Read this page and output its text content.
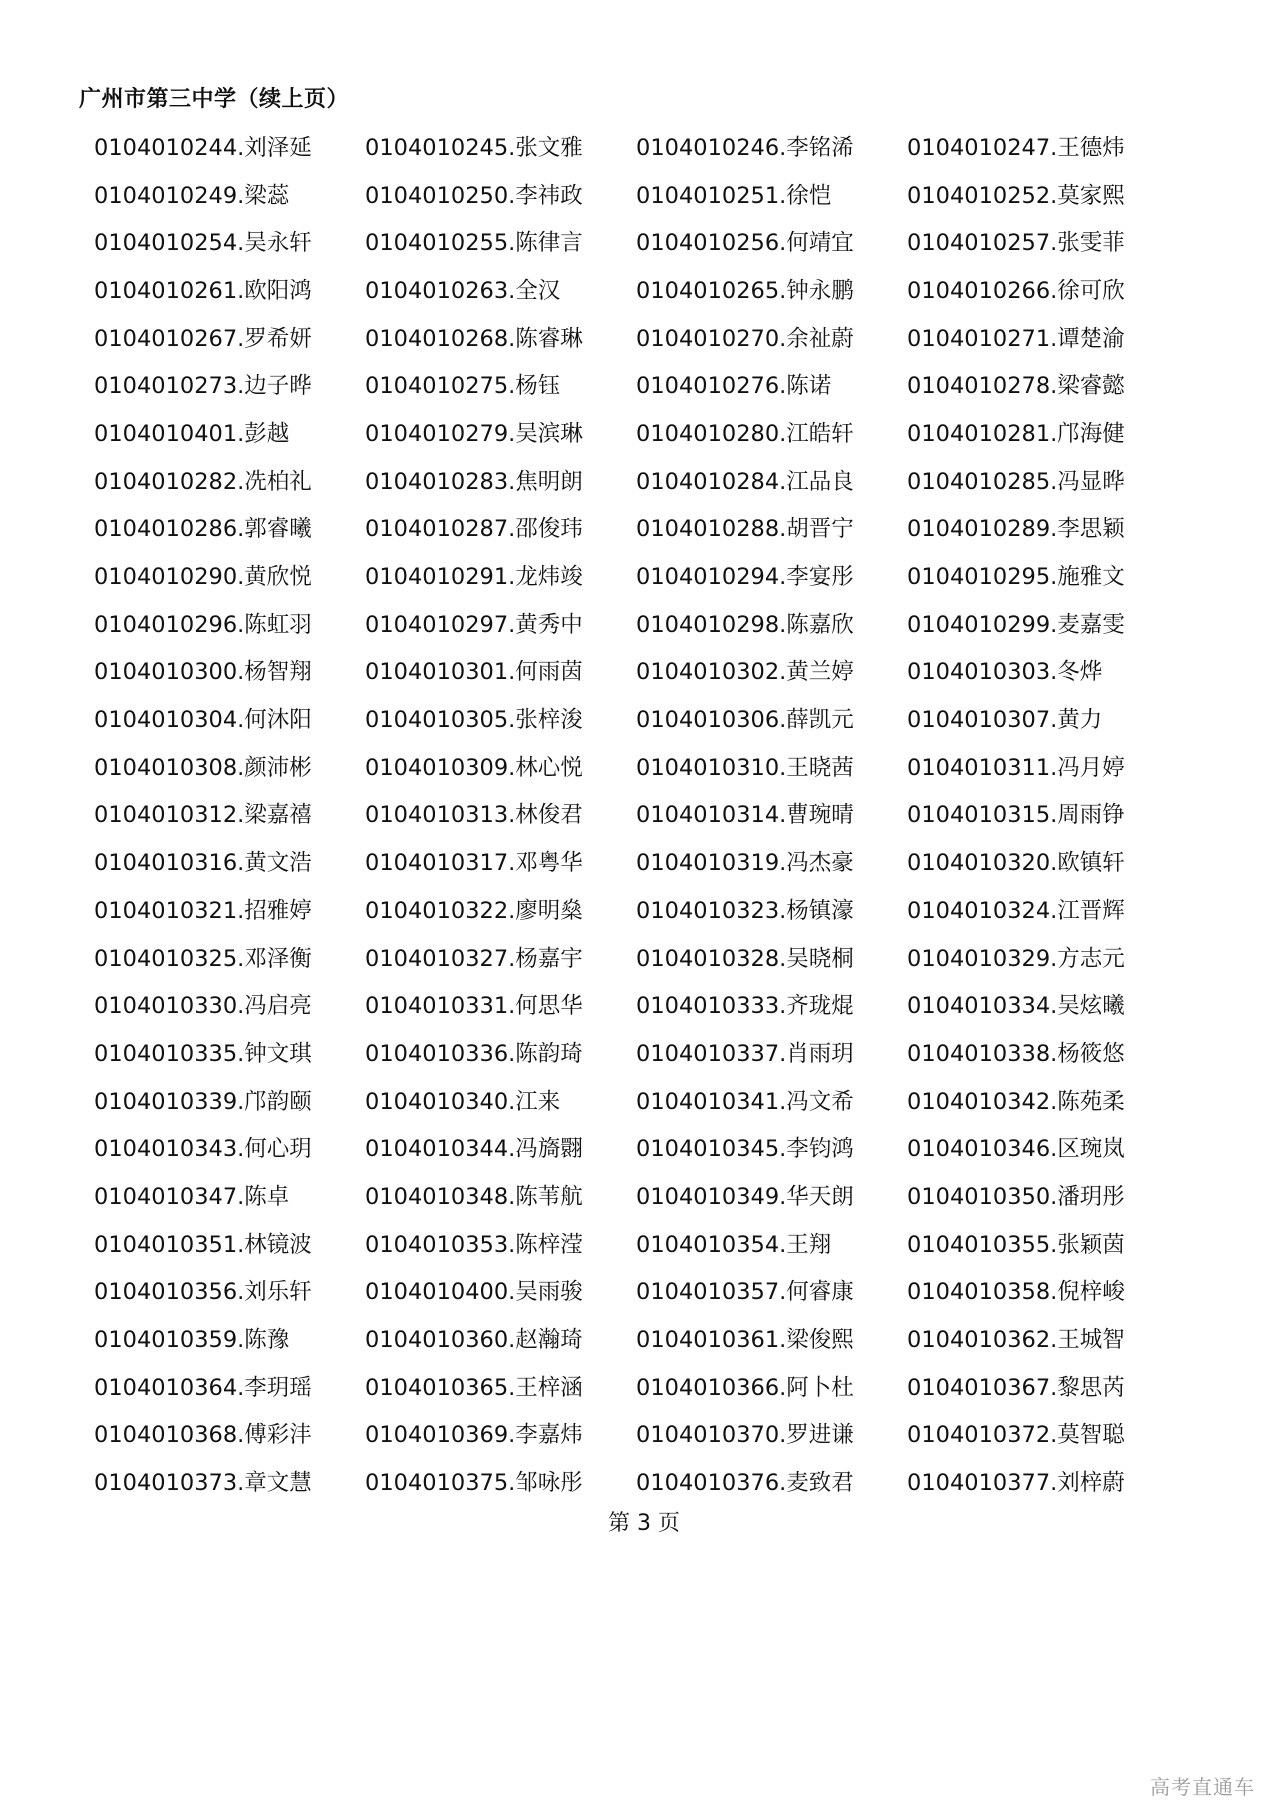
广州市第三中学（续上页）
0104010244.刘泽延	0104010245.张文雅	0104010246.李铭浠	0104010247.王德炜
0104010249.梁蕊	0104010250.李祎政	0104010251.徐恺	0104010252.莫家熙
0104010254.吴永轩	0104010255.陈律言	0104010256.何靖宜	0104010257.张雯菲
0104010261.欧阳鸿	0104010263.全汉	0104010265.钟永鹏	0104010266.徐可欣
0104010267.罗希妍	0104010268.陈睿琳	0104010270.余祉蔚	0104010271.谭楚渝
0104010273.边子晔	0104010275.杨钰	0104010276.陈诺	0104010278.梁睿懿
0104010401.彭越	0104010279.吴滨琳	0104010280.江皓轩	0104010281.邝海健
0104010282.冼柏礼	0104010283.焦明朗	0104010284.江品良	0104010285.冯显晔
0104010286.郭睿曦	0104010287.邵俊玮	0104010288.胡晋宁	0104010289.李思颖
0104010290.黄欣悦	0104010291.龙炜竣	0104010294.李宴彤	0104010295.施雅文
0104010296.陈虹羽	0104010297.黄秀中	0104010298.陈嘉欣	0104010299.麦嘉雯
0104010300.杨智翔	0104010301.何雨茵	0104010302.黄兰婷	0104010303.冬烨
0104010304.何沐阳	0104010305.张梓浚	0104010306.薛凯元	0104010307.黄力
0104010308.颜沛彬	0104010309.林心悦	0104010310.王晓茜	0104010311.冯月婷
0104010312.梁嘉禧	0104010313.林俊君	0104010314.曹琬晴	0104010315.周雨铮
0104010316.黄文浩	0104010317.邓粤华	0104010319.冯杰豪	0104010320.欧镇轩
0104010321.招雅婷	0104010322.廖明燊	0104010323.杨镇濠	0104010324.江晋辉
0104010325.邓泽衡	0104010327.杨嘉宇	0104010328.吴晓桐	0104010329.方志元
0104010330.冯启亮	0104010331.何思华	0104010333.齐珑焜	0104010334.吴炫曦
0104010335.钟文琪	0104010336.陈韵琦	0104010337.肖雨玥	0104010338.杨筱悠
0104010339.邝韵颐	0104010340.江来	0104010341.冯文希	0104010342.陈苑柔
0104010343.何心玥	0104010344.冯旖翾	0104010345.李钧鸿	0104010346.区琬岚
0104010347.陈卓	0104010348.陈苇航	0104010349.华天朗	0104010350.潘玥彤
0104010351.林镜波	0104010353.陈梓滢	0104010354.王翔	0104010355.张颖茵
0104010356.刘乐轩	0104010400.吴雨骏	0104010357.何睿康	0104010358.倪梓峻
0104010359.陈豫	0104010360.赵瀚琦	0104010361.梁俊熙	0104010362.王城智
0104010364.李玥瑶	0104010365.王梓涵	0104010366.阿卜杜	0104010367.黎思芮
0104010368.傅彩沣	0104010369.李嘉炜	0104010370.罗进谦	0104010372.莫智聪
0104010373.章文慧	0104010375.邹咏彤	0104010376.麦致君	0104010377.刘梓蔚
第 3 页
高考直通车
